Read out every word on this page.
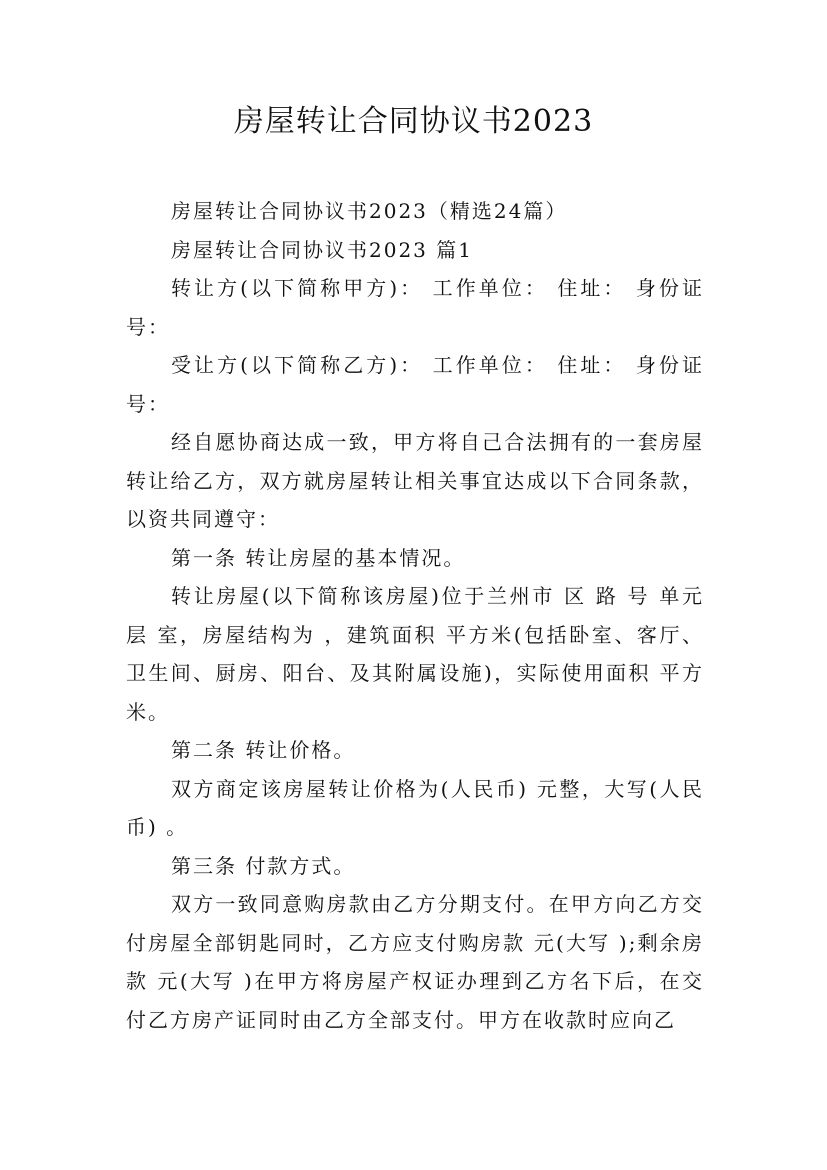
房屋转让合同协议书2023

房屋转让合同协议书2023（精选24篇）

房屋转让合同协议书2023 篇1

转让方(以下简称甲方)： 工作单位： 住址： 身份证号：

受让方(以下简称乙方)： 工作单位： 住址： 身份证号：

经自愿协商达成一致，甲方将自己合法拥有的一套房屋转让给乙方，双方就房屋转让相关事宜达成以下合同条款，以资共同遵守：

第一条 转让房屋的基本情况。

转让房屋(以下简称该房屋)位于兰州市 区 路 号 单元 层 室，房屋结构为 ，建筑面积 平方米(包括卧室、客厅、卫生间、厨房、阳台、及其附属设施)，实际使用面积 平方米。

第二条 转让价格。

双方商定该房屋转让价格为(人民币) 元整，大写(人民币) 。

第三条 付款方式。

双方一致同意购房款由乙方分期支付。在甲方向乙方交付房屋全部钥匙同时，乙方应支付购房款 元(大写 );剩余房款 元(大写 )在甲方将房屋产权证办理到乙方名下后，在交付乙方房产证同时由乙方全部支付。甲方在收款时应向乙
